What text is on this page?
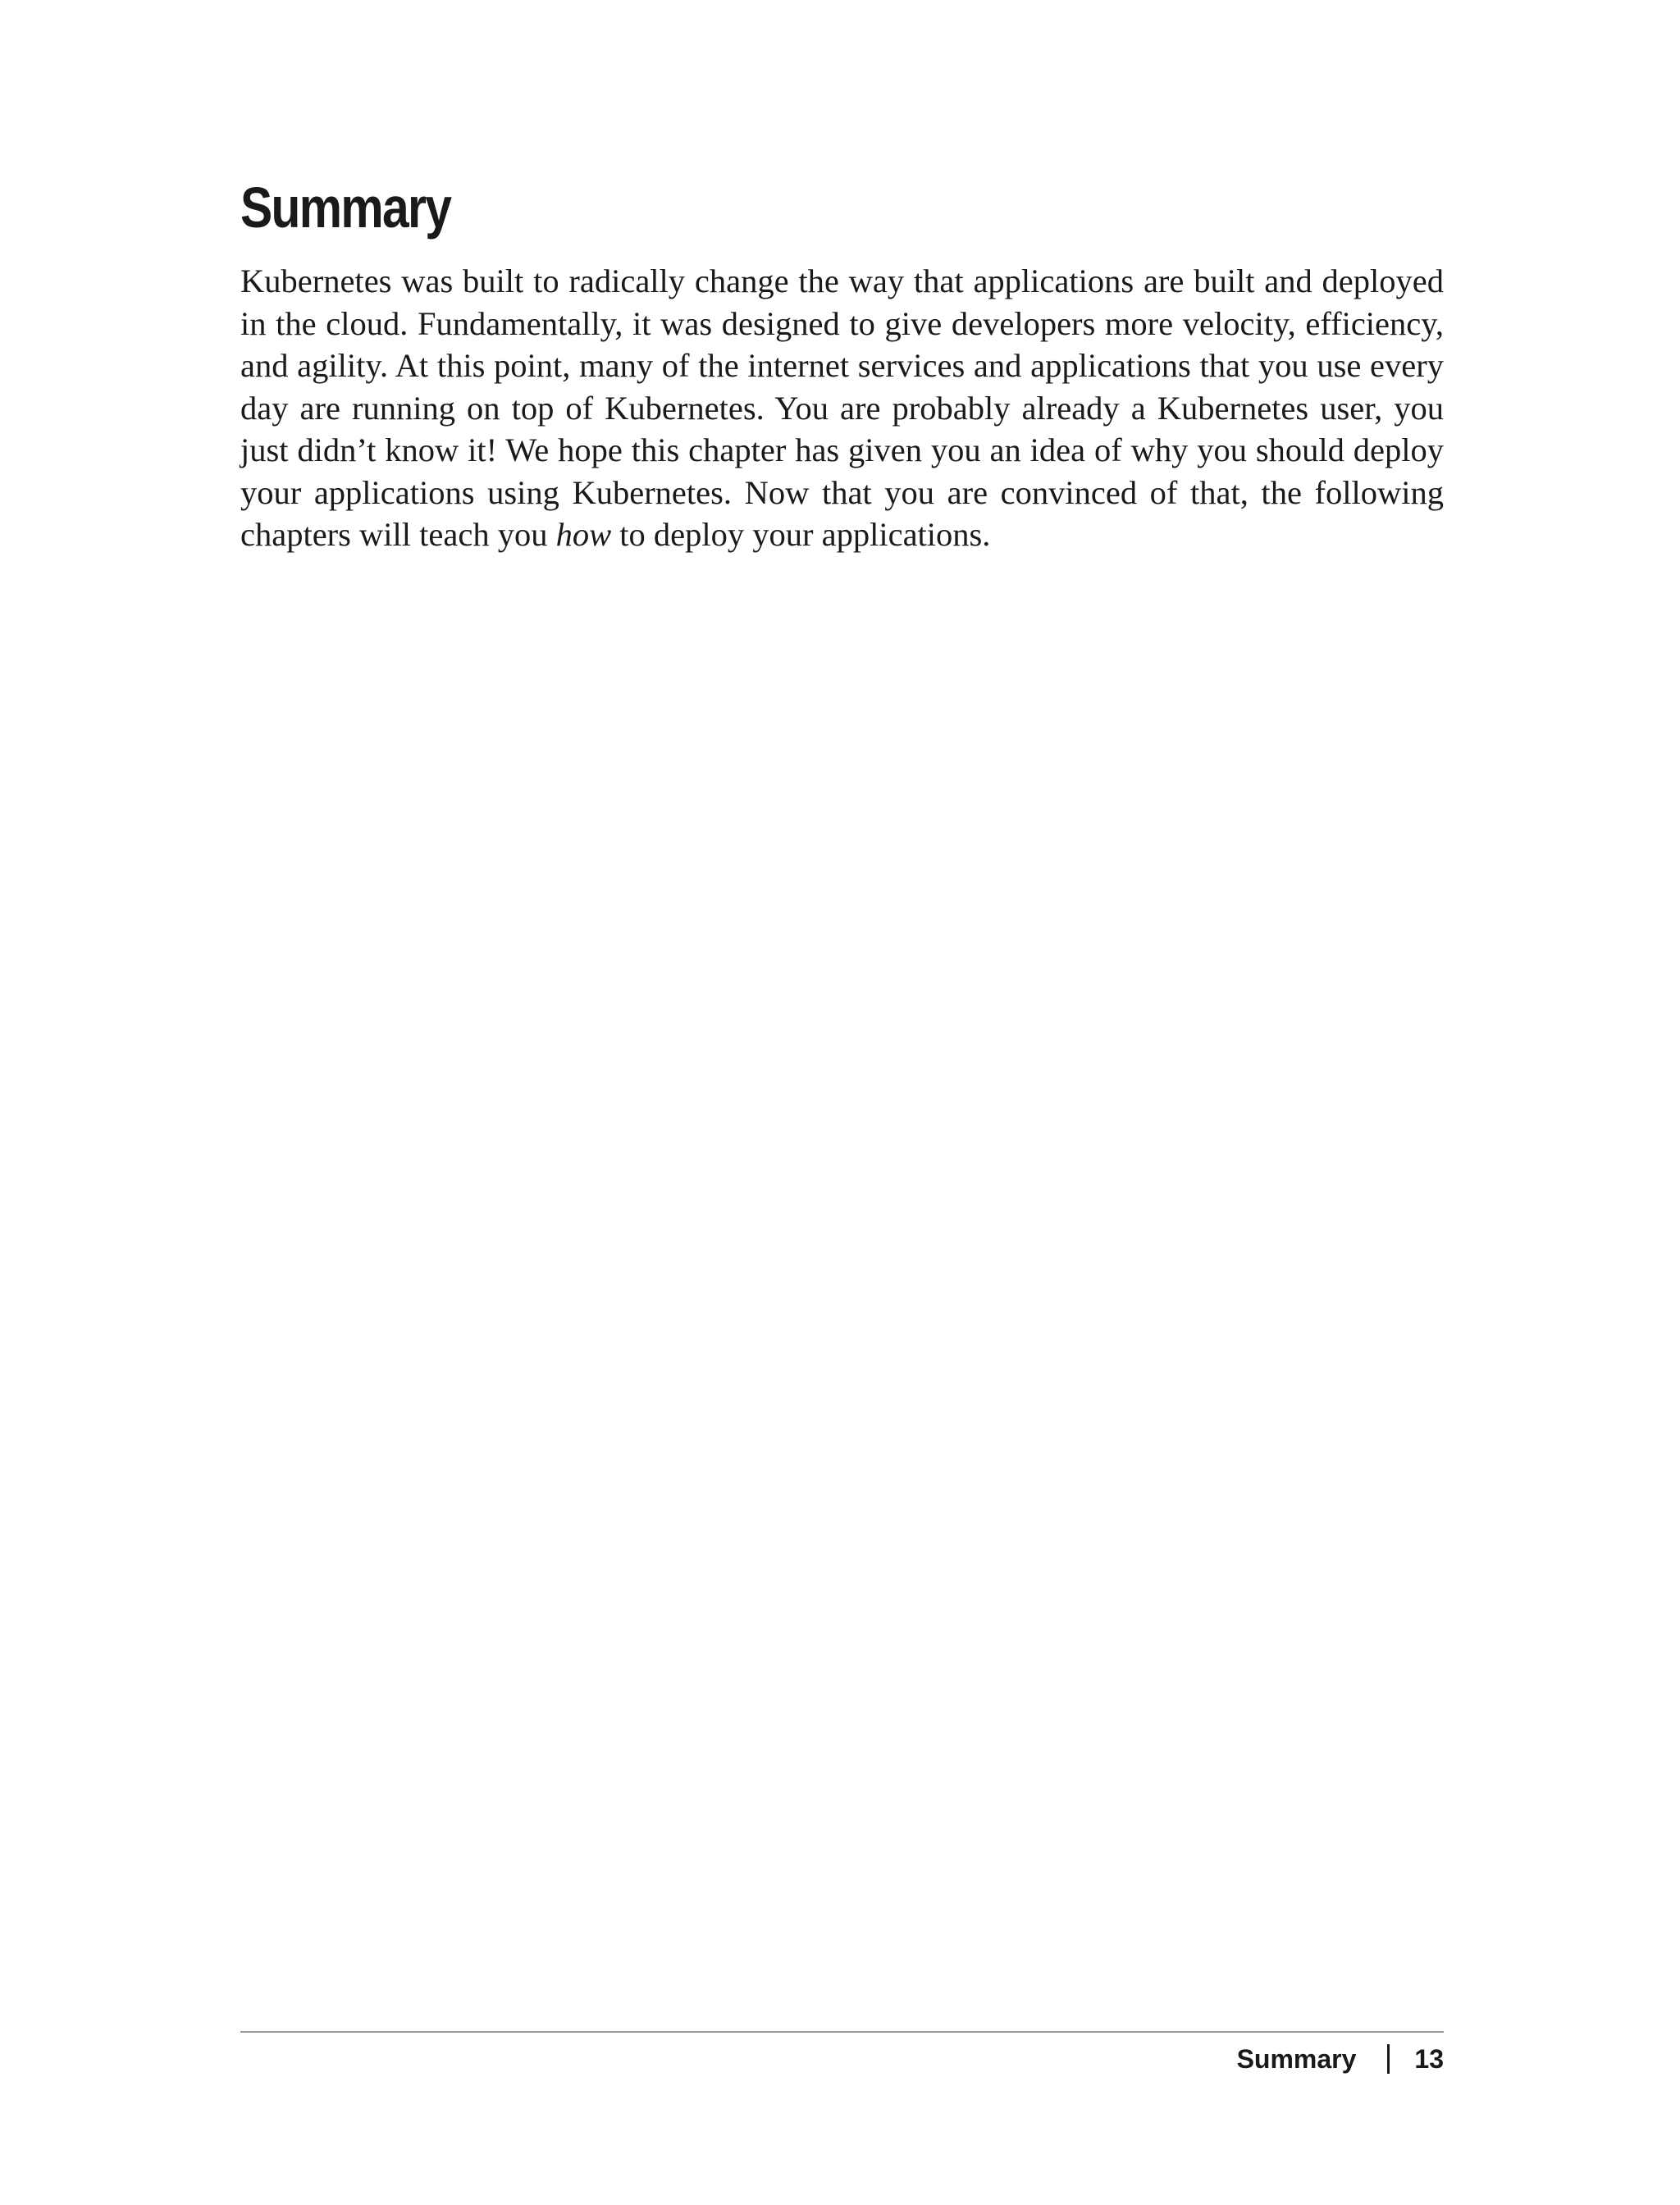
Summary

Kubernetes was built to radically change the way that applications are built and deployed in the cloud. Fundamentally, it was designed to give developers more velocity, efficiency, and agility. At this point, many of the internet services and applications that you use every day are running on top of Kubernetes. You are probably already a Kubernetes user, you just didn’t know it! We hope this chapter has given you an idea of why you should deploy your applications using Kubernetes. Now that you are convinced of that, the following chapters will teach you how to deploy your applications.

Summary 13
